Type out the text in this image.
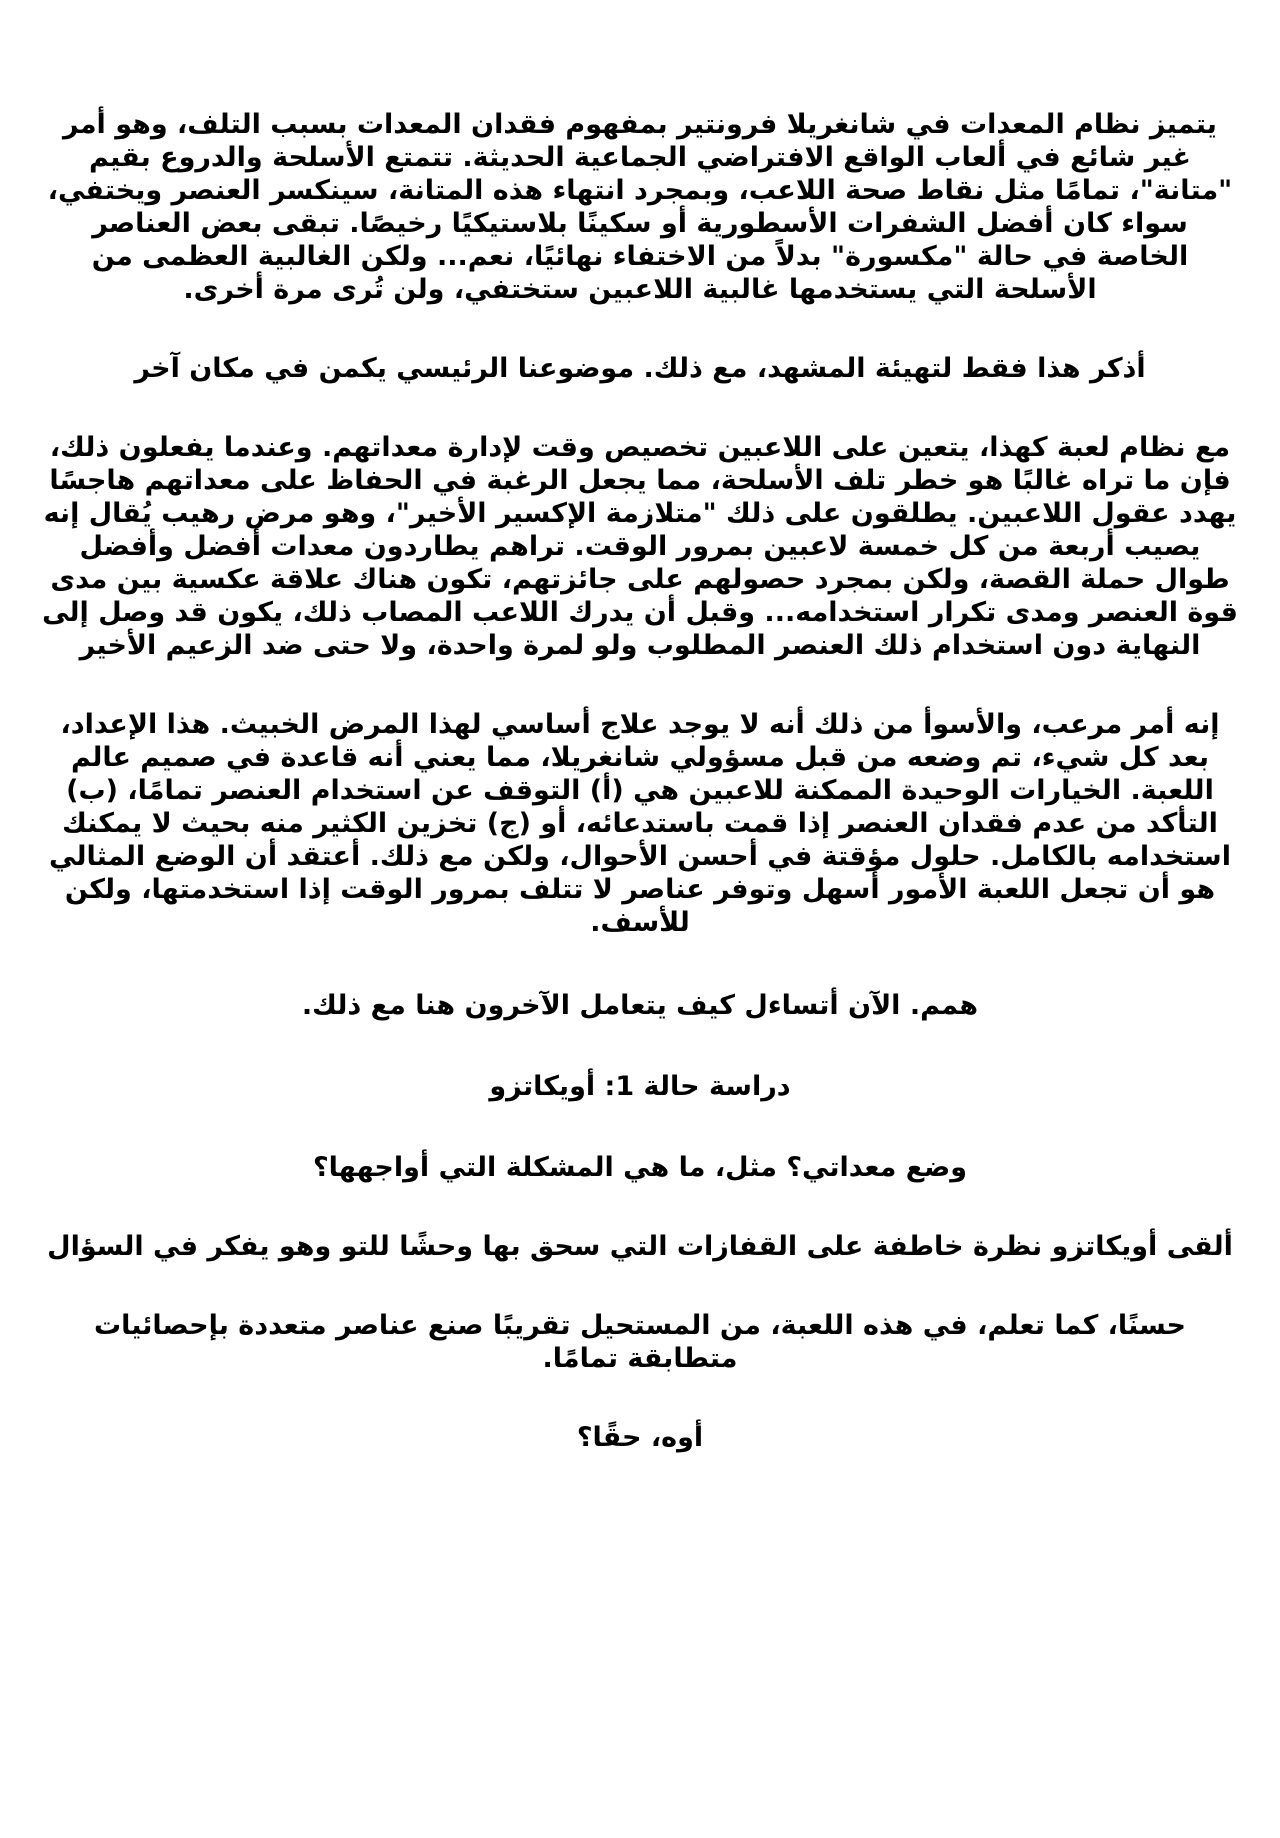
يتميز نظام المعدات في شانغريلا فرونتير بمفهوم فقدان المعدات بسبب التلف، وهو أمر غير شائع في ألعاب الواقع الافتراضي الجماعية الحديثة. تتمتع الأسلحة والدروع بقيم "متانة"، تمامًا مثل نقاط صحة اللاعب، وبمجرد انتهاء هذه المتانة، سينكسر العنصر ويختفي، سواء كان أفضل الشفرات الأسطورية أو سكينًا بلاستيكيًا رخيصًا. تبقى بعض العناصر الخاصة في حالة "مكسورة" بدلاً من الاختفاء نهائيًا، نعم... ولكن الغالبية العظمى من الأسلحة التي يستخدمها غالبية اللاعبين ستختفي، ولن تُرى مرة أخرى.

أذكر هذا فقط لتهيئة المشهد، مع ذلك. موضوعنا الرئيسي يكمن في مكان آخر

مع نظام لعبة كهذا، يتعين على اللاعبين تخصيص وقت لإدارة معداتهم. وعندما يفعلون ذلك، فإن ما تراه غالبًا هو خطر تلف الأسلحة، مما يجعل الرغبة في الحفاظ على معداتهم هاجسًا يهدد عقول اللاعبين. يطلقون على ذلك "متلازمة الإكسير الأخير"، وهو مرض رهيب يُقال إنه يصيب أربعة من كل خمسة لاعبين بمرور الوقت. تراهم يطاردون معدات أفضل وأفضل طوال حملة القصة، ولكن بمجرد حصولهم على جائزتهم، تكون هناك علاقة عكسية بين مدى قوة العنصر ومدى تكرار استخدامه... وقبل أن يدرك اللاعب المصاب ذلك، يكون قد وصل إلى النهاية دون استخدام ذلك العنصر المطلوب ولو لمرة واحدة، ولا حتى ضد الزعيم الأخير

إنه أمر مرعب، والأسوأ من ذلك أنه لا يوجد علاج أساسي لهذا المرض الخبيث. هذا الإعداد، بعد كل شيء، تم وضعه من قبل مسؤولي شانغريلا، مما يعني أنه قاعدة في صميم عالم اللعبة. الخيارات الوحيدة الممكنة للاعبين هي (أ) التوقف عن استخدام العنصر تمامًا، (ب) التأكد من عدم فقدان العنصر إذا قمت باستدعائه، أو (ج) تخزين الكثير منه بحيث لا يمكنك استخدامه بالكامل. حلول مؤقتة في أحسن الأحوال، ولكن مع ذلك. أعتقد أن الوضع المثالي هو أن تجعل اللعبة الأمور أسهل وتوفر عناصر لا تتلف بمرور الوقت إذا استخدمتها، ولكن للأسف.

همم. الآن أتساءل كيف يتعامل الآخرون هنا مع ذلك.

دراسة حالة 1: أويكاتزو

وضع معداتي؟ مثل، ما هي المشكلة التي أواجهها؟

ألقى أويكاتزو نظرة خاطفة على القفازات التي سحق بها وحشًا للتو وهو يفكر في السؤال

حسنًا، كما تعلم، في هذه اللعبة، من المستحيل تقريبًا صنع عناصر متعددة بإحصائيات متطابقة تمامًا.

أوه، حقًا؟
